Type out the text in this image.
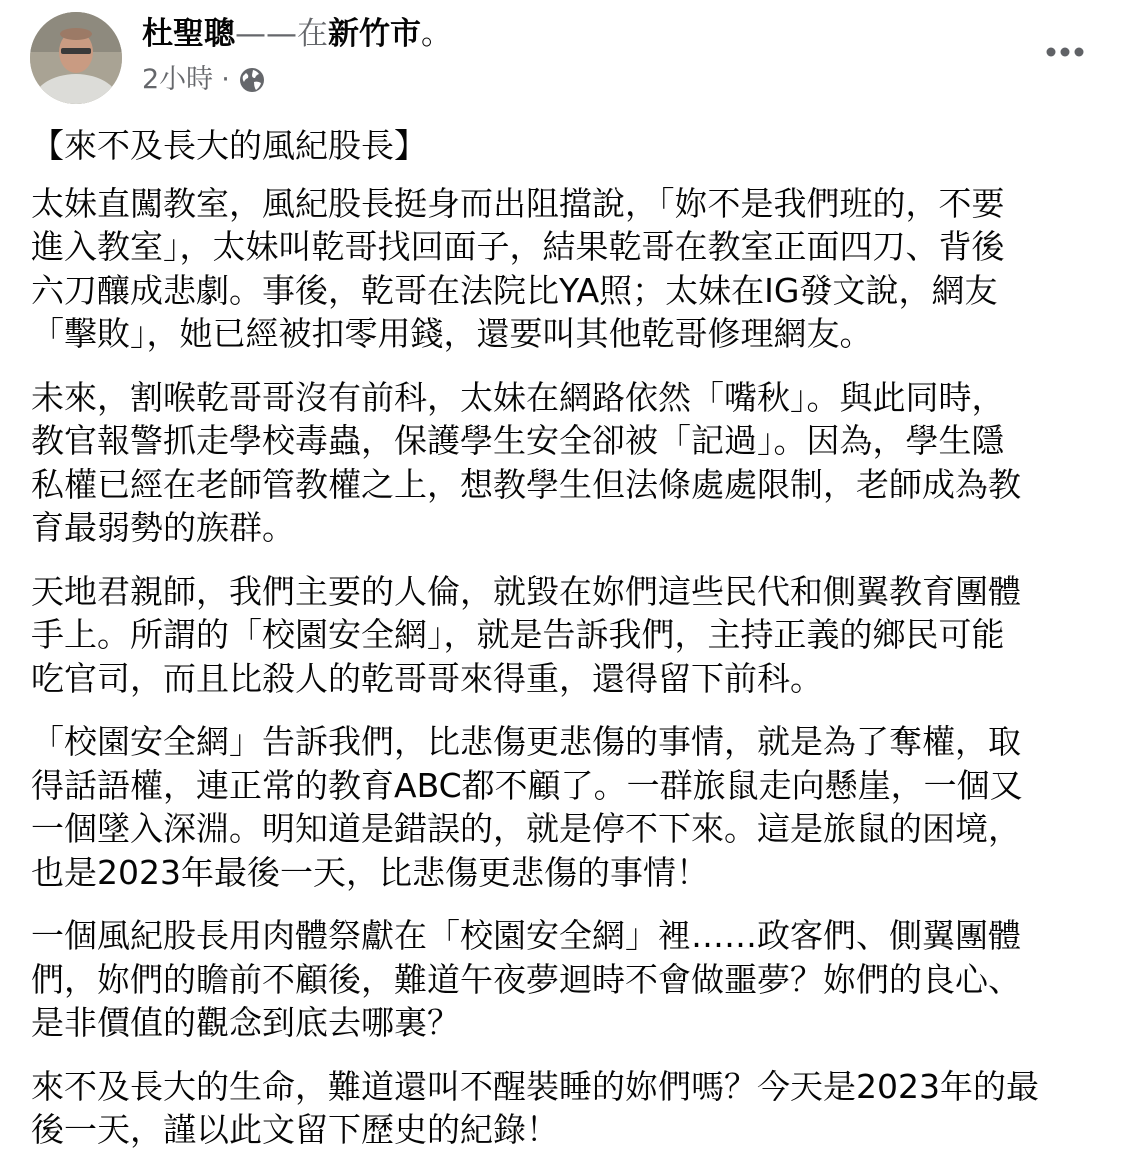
杜聖聰——在新竹市。
2小時 ·

【來不及長大的風紀股長】

太妹直闖教室，風紀股長挺身而出阻擋說，「妳不是我們班的，不要
進入教室」，太妹叫乾哥找回面子，結果乾哥在教室正面四刀、背後
六刀釀成悲劇。事後，乾哥在法院比YA照；太妹在IG發文說，網友
「擊敗」，她已經被扣零用錢，還要叫其他乾哥修理網友。

未來，割喉乾哥哥沒有前科，太妹在網路依然「嘴秋」。與此同時，
教官報警抓走學校毒蟲，保護學生安全卻被「記過」。因為，學生隱
私權已經在老師管教權之上，想教學生但法條處處限制，老師成為教
育最弱勢的族群。

天地君親師，我們主要的人倫，就毀在妳們這些民代和側翼教育團體
手上。所謂的「校園安全網」，就是告訴我們，主持正義的鄉民可能
吃官司，而且比殺人的乾哥哥來得重，還得留下前科。

「校園安全網」告訴我們，比悲傷更悲傷的事情，就是為了奪權，取
得話語權，連正常的教育ABC都不顧了。一群旅鼠走向懸崖，一個又
一個墜入深淵。明知道是錯誤的，就是停不下來。這是旅鼠的困境，
也是2023年最後一天，比悲傷更悲傷的事情！

一個風紀股長用肉體祭獻在「校園安全網」裡……政客們、側翼團體
們，妳們的瞻前不顧後，難道午夜夢迴時不會做噩夢？妳們的良心、
是非價值的觀念到底去哪裏？

來不及長大的生命，難道還叫不醒裝睡的妳們嗎？今天是2023年的最
後一天，謹以此文留下歷史的紀錄！
